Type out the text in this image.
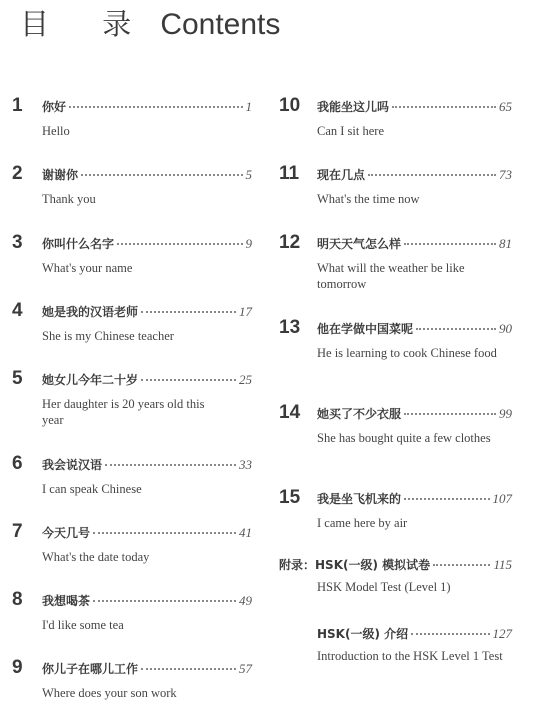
目 录 Contents
1	你好	1
Hello
2	谢谢你	5
Thank you
3	你叫什么名字	9
What's your name
4	她是我的汉语老师	17
She is my Chinese teacher
5	她女儿今年二十岁	25
Her daughter is 20 years old this year
6	我会说汉语	33
I can speak Chinese
7	今天几号	41
What's the date today
8	我想喝茶	49
I'd like some tea
9	你儿子在哪儿工作	57
Where does your son work
10	我能坐这儿吗	65
Can I sit here
11	现在几点	73
What's the time now
12	明天天气怎么样	81
What will the weather be like tomorrow
13	他在学做中国菜呢	90
He is learning to cook Chinese food
14	她买了不少衣服	99
She has bought quite a few clothes
15	我是坐飞机来的	107
I came here by air
附录： HSK(一级) 模拟试卷	115
HSK Model Test (Level 1)
HSK(一级) 介绍	127
Introduction to the HSK Level 1 Test
